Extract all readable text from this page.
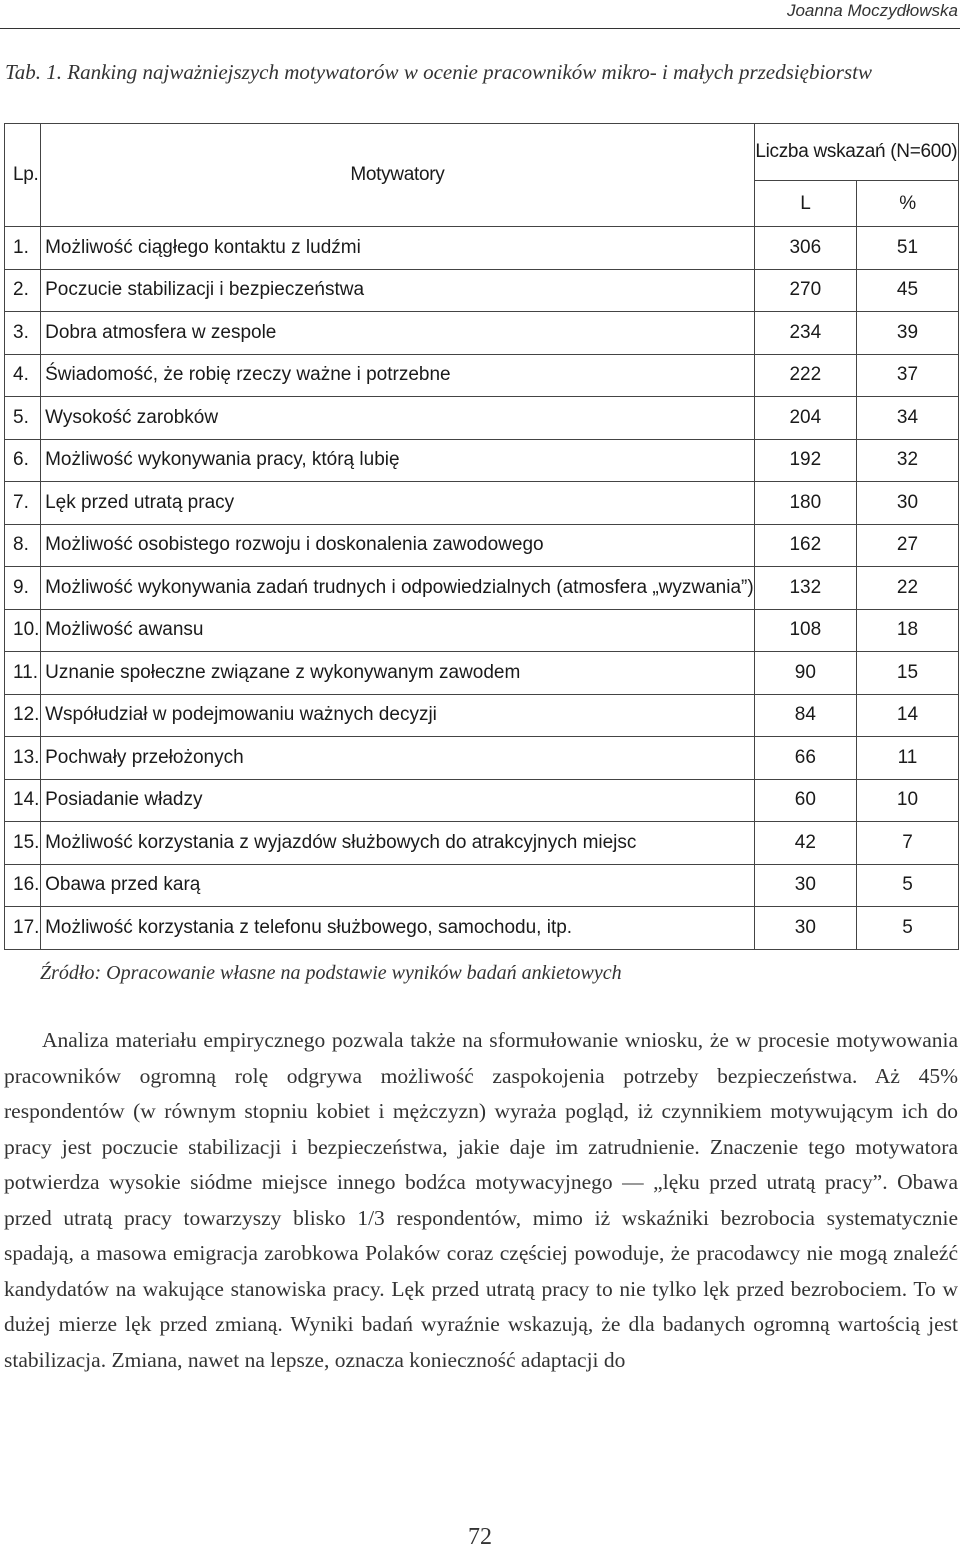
Joanna Moczydłowska
Tab. 1. Ranking najważniejszych motywatorów w ocenie pracowników mikro- i małych przedsiębiorstw
Lp.	Motywatory	Liczba wskazań (N=600)	
		L	%
1.	Możliwość ciągłego kontaktu z ludźmi	306	51
2.	Poczucie stabilizacji i bezpieczeństwa	270	45
3.	Dobra atmosfera w zespole	234	39
4.	Świadomość, że robię rzeczy ważne i potrzebne	222	37
5.	Wysokość zarobków	204	34
6.	Możliwość wykonywania pracy, którą lubię	192	32
7.	Lęk przed utratą pracy	180	30
8.	Możliwość osobistego rozwoju i doskonalenia zawodowego	162	27
9.	Możliwość wykonywania zadań trudnych i odpowiedzialnych (atmosfera „wyzwania”)	132	22
10.	Możliwość awansu	108	18
11.	Uznanie społeczne związane z wykonywanym zawodem	90	15
12.	Współudział w podejmowaniu ważnych decyzji	84	14
13.	Pochwały przełożonych	66	11
14.	Posiadanie władzy	60	10
15.	Możliwość korzystania z wyjazdów służbowych do atrakcyjnych miejsc	42	7
16.	Obawa przed karą	30	5
17.	Możliwość korzystania z telefonu służbowego, samochodu, itp.	30	5
Źródło: Opracowanie własne na podstawie wyników badań ankietowych

Analiza materiału empirycznego pozwala także na sformułowanie wniosku, że w procesie motywowania pracowników ogromną rolę odgrywa możliwość zaspokojenia potrzeby bezpieczeństwa. Aż 45% respondentów (w równym stopniu kobiet i mężczyzn) wyraża pogląd, iż czynnikiem motywującym ich do pracy jest poczucie stabilizacji i bezpieczeństwa, jakie daje im zatrudnienie. Znaczenie tego motywatora potwierdza wysokie siódme miejsce innego bodźca motywacyjnego — „lęku przed utratą pracy”. Obawa przed utratą pracy towarzyszy blisko 1/3 respondentów, mimo iż wskaźniki bezrobocia systematycznie spadają, a masowa emigracja zarobkowa Polaków coraz częściej powoduje, że pracodawcy nie mogą znaleźć kandydatów na wakujące stanowiska pracy. Lęk przed utratą pracy to nie tylko lęk przed bezrobociem. To w dużej mierze lęk przed zmianą. Wyniki badań wyraźnie wskazują, że dla badanych ogromną wartością jest stabilizacja. Zmiana, nawet na lepsze, oznacza konieczność adaptacji do

72
